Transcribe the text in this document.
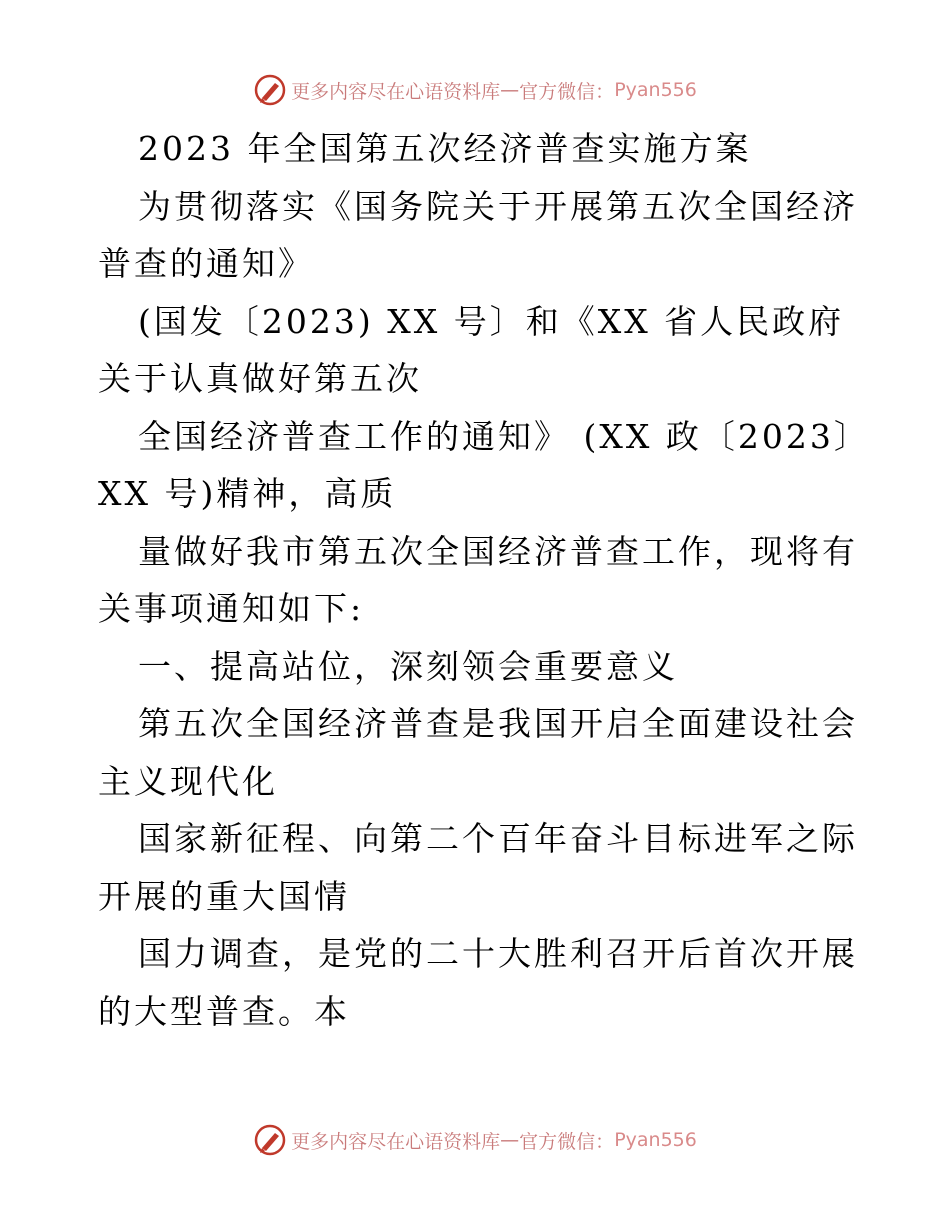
更多内容尽在心语资料库 — 官方微信： Pyan556

2023 年全国第五次经济普查实施方案

为贯彻落实《国务院关于开展第五次全国经济普查的通知》

(国发〔2023) XX 号〕和《XX 省人民政府关于认真做好第五次

全国经济普查工作的通知》 (XX 政〔2023〕XX 号)精神，高质

量做好我市第五次全国经济普查工作，现将有关事项通知如下:

一、提高站位，深刻领会重要意义

第五次全国经济普查是我国开启全面建设社会主义现代化

国家新征程、向第二个百年奋斗目标进军之际开展的重大国情

国力调查，是党的二十大胜利召开后首次开展的大型普查。本

更多内容尽在心语资料库 — 官方微信： Pyan556
